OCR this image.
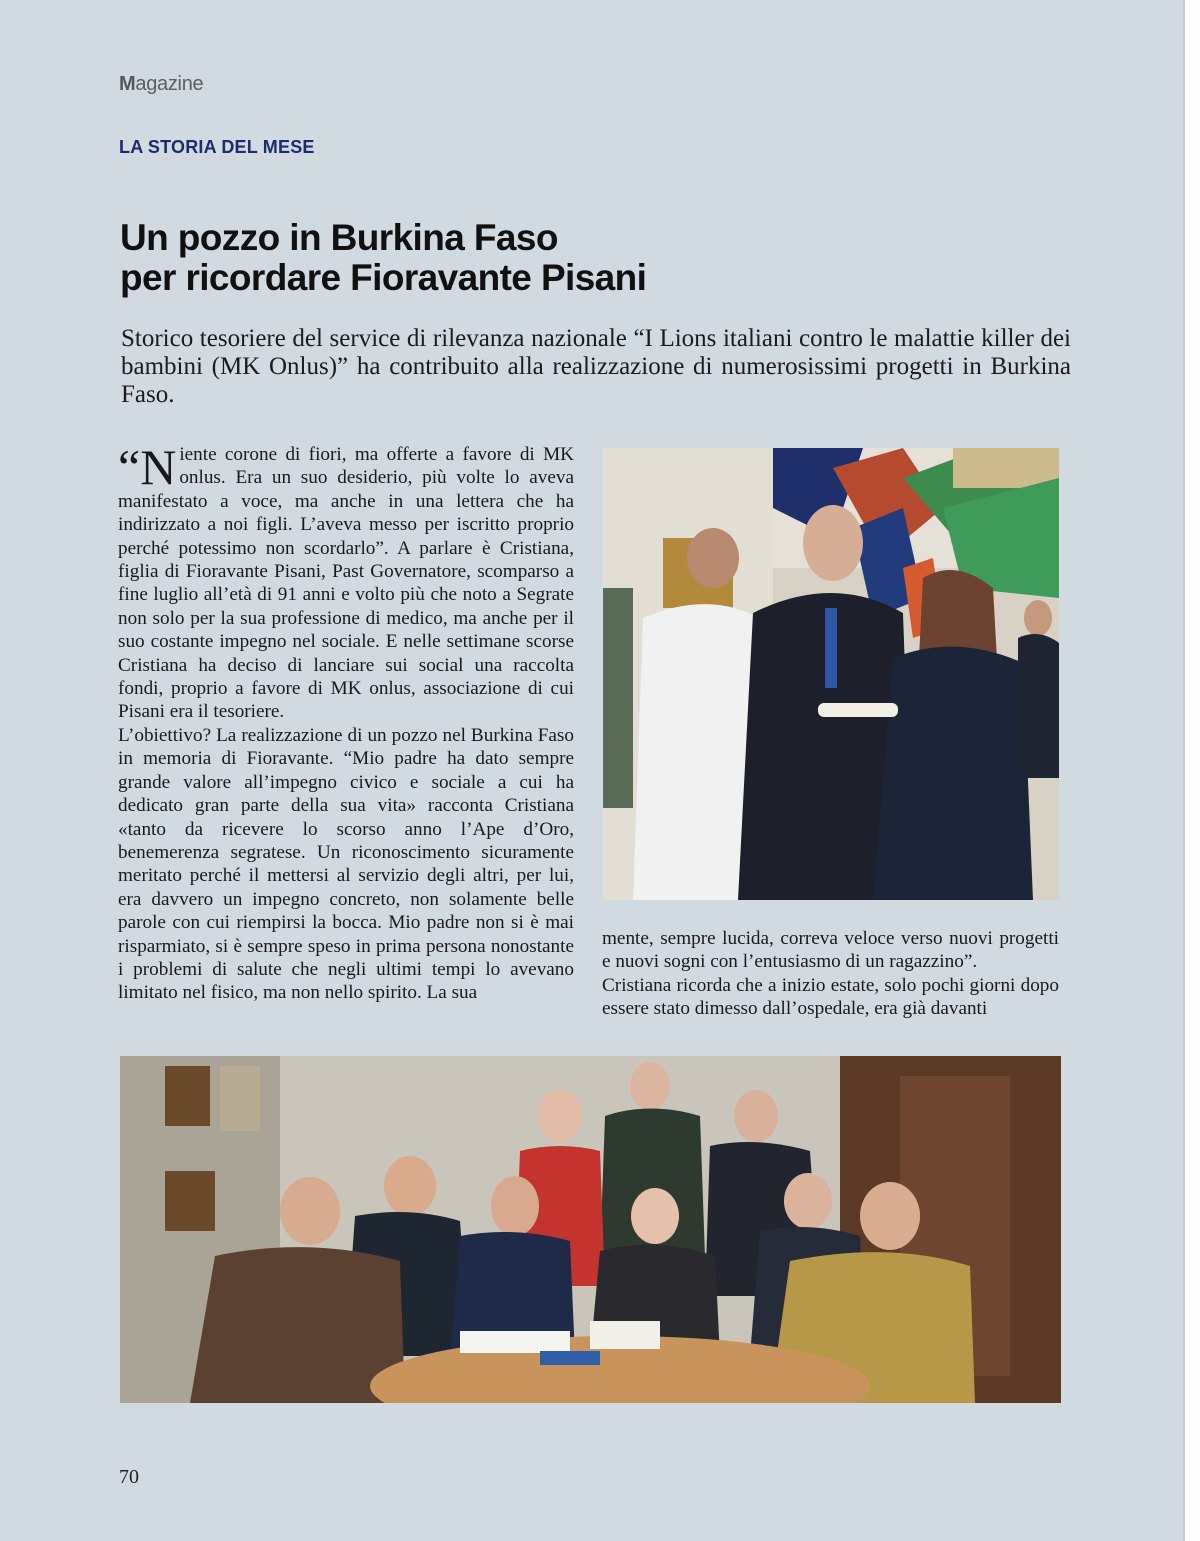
Magazine
LA STORIA DEL MESE
Un pozzo in Burkina Faso
per ricordare Fioravante Pisani
Storico tesoriere del service di rilevanza nazionale “I Lions italiani contro le malattie killer dei bambini (MK Onlus)” ha contribuito alla realizzazione di numerosissimi progetti in Burkina Faso.

“Niente corone di fiori, ma offerte a favore di MK onlus. Era un suo desiderio, più volte lo aveva manifestato a voce, ma anche in una lettera che ha indirizzato a noi figli. L’aveva messo per iscritto proprio perché potessimo non scordarlo”. A parlare è Cristiana, figlia di Fioravante Pisani, Past Governatore, scomparso a fine luglio all’età di 91 anni e volto più che noto a Segrate non solo per la sua professione di medico, ma anche per il suo costante impegno nel sociale. E nelle settimane scorse Cristiana ha deciso di lanciare sui social una raccolta fondi, proprio a favore di MK onlus, associazione di cui Pisani era il tesoriere.

L’obiettivo? La realizzazione di un pozzo nel Burkina Faso in memoria di Fioravante. “Mio padre ha dato sempre grande valore all’impegno civico e sociale a cui ha dedicato gran parte della sua vita» racconta Cristiana «tanto da ricevere lo scorso anno l’Ape d’Oro, benemerenza segratese. Un riconoscimento sicuramente meritato perché il mettersi al servizio degli altri, per lui, era davvero un impegno concreto, non solamente belle parole con cui riempirsi la bocca. Mio padre non si è mai risparmiato, si è sempre speso in prima persona nonostante i problemi di salute che negli ultimi tempi lo avevano limitato nel fisico, ma non nello spirito. La sua

mente, sempre lucida, correva veloce verso nuovi progetti e nuovi sogni con l’entusiasmo di un ragazzino”.

Cristiana ricorda che a inizio estate, solo pochi giorni dopo essere stato dimesso dall’ospedale, era già davanti

70
